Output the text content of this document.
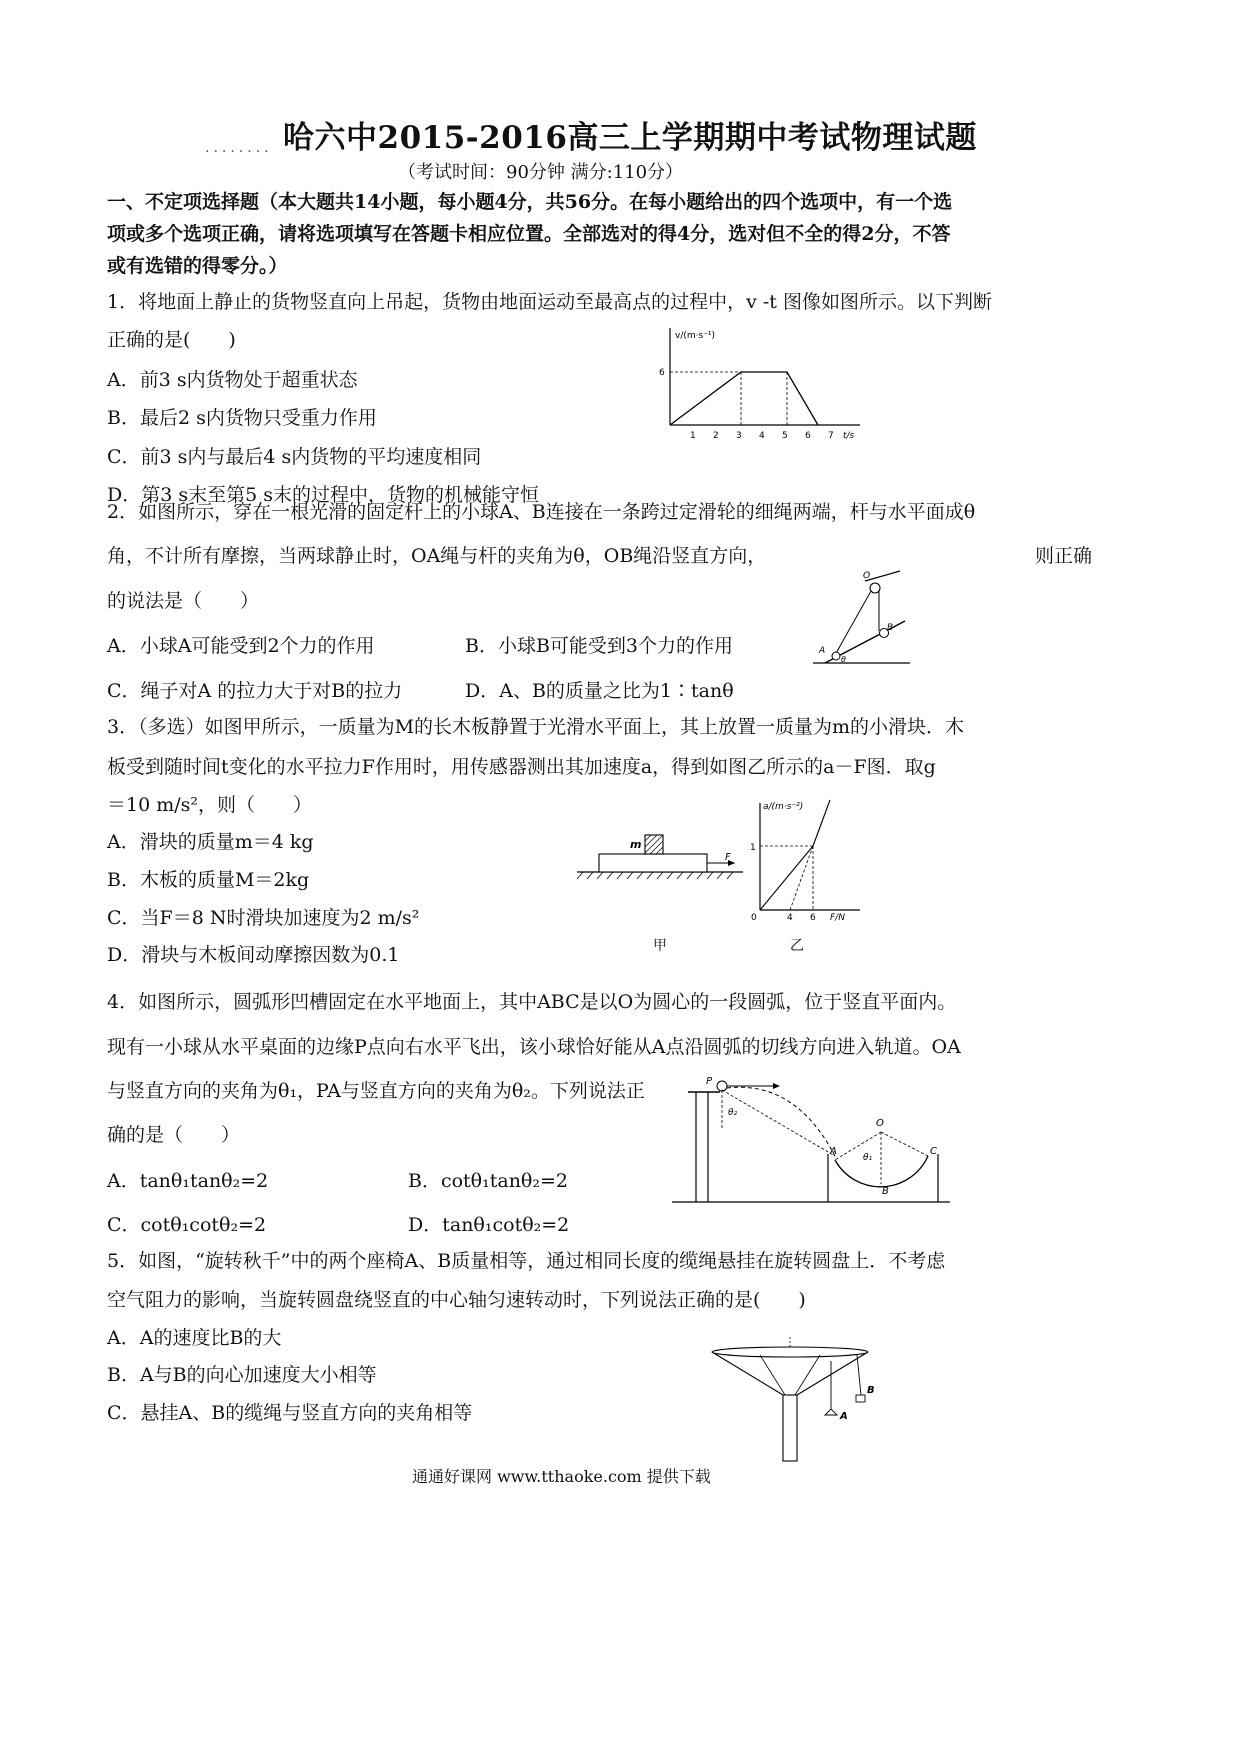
........ 哈六中2015-2016高三上学期期中考试物理试题
（考试时间：90分钟 满分:110分）
一、不定项选择题（本大题共14小题，每小题4分，共56分。在每小题给出的四个选项中，有一个选
项或多个选项正确，请将选项填写在答题卡相应位置。全部选对的得4分，选对但不全的得2分，不答
或有选错的得零分。）
1．将地面上静止的货物竖直向上吊起，货物由地面运动至最高点的过程中，v -t 图像如图所示。以下判断
正确的是(　　)
A．前3 s内货物处于超重状态
B．最后2 s内货物只受重力作用
C．前3 s内与最后4 s内货物的平均速度相同
D．第3 s末至第5 s末的过程中，货物的机械能守恒
v/(m·s⁻¹)
6
1 2 3 4 5 6 7 t/s
2．如图所示，穿在一根光滑的固定杆上的小球A、B连接在一条跨过定滑轮的细绳两端，杆与水平面成θ
角，不计所有摩擦，当两球静止时，OA绳与杆的夹角为θ，OB绳沿竖直方向，	则正确
的说法是（　　）
A．小球A可能受到2个力的作用	B．小球B可能受到3个力的作用
C．绳子对A 的拉力大于对B的拉力	D．A、B的质量之比为1∶tanθ
O
A
B
θ
3．（多选）如图甲所示，一质量为M的长木板静置于光滑水平面上，其上放置一质量为m的小滑块．木
板受到随时间t变化的水平拉力F作用时，用传感器测出其加速度a，得到如图乙所示的a－F图．取g
＝10 m/s²，则（　　）
A．滑块的质量m＝4 kg
B．木板的质量M＝2kg
C．当F＝8 N时滑块加速度为2 m/s²
D．滑块与木板间动摩擦因数为0.1
m
F
a/(m·s⁻²)
1
0	4 6 F/N
甲	乙
4．如图所示，圆弧形凹槽固定在水平地面上，其中ABC是以O为圆心的一段圆弧，位于竖直平面内。
现有一小球从水平桌面的边缘P点向右水平飞出，该小球恰好能从A点沿圆弧的切线方向进入轨道。OA
与竖直方向的夹角为θ₁，PA与竖直方向的夹角为θ₂。下列说法正
确的是（　　）
A．tanθ₁tanθ₂=2	B．cotθ₁tanθ₂=2
C．cotθ₁cotθ₂=2	D．tanθ₁cotθ₂=2
P
θ₂
O
A	C
B
θ₁
5．如图，“旋转秋千”中的两个座椅A、B质量相等，通过相同长度的缆绳悬挂在旋转圆盘上．不考虑
空气阻力的影响，当旋转圆盘绕竖直的中心轴匀速转动时，下列说法正确的是(　　)
A．A的速度比B的大
B．A与B的向心加速度大小相等
C．悬挂A、B的缆绳与竖直方向的夹角相等	A
B
通通好课网 www.tthaoke.com 提供下载
